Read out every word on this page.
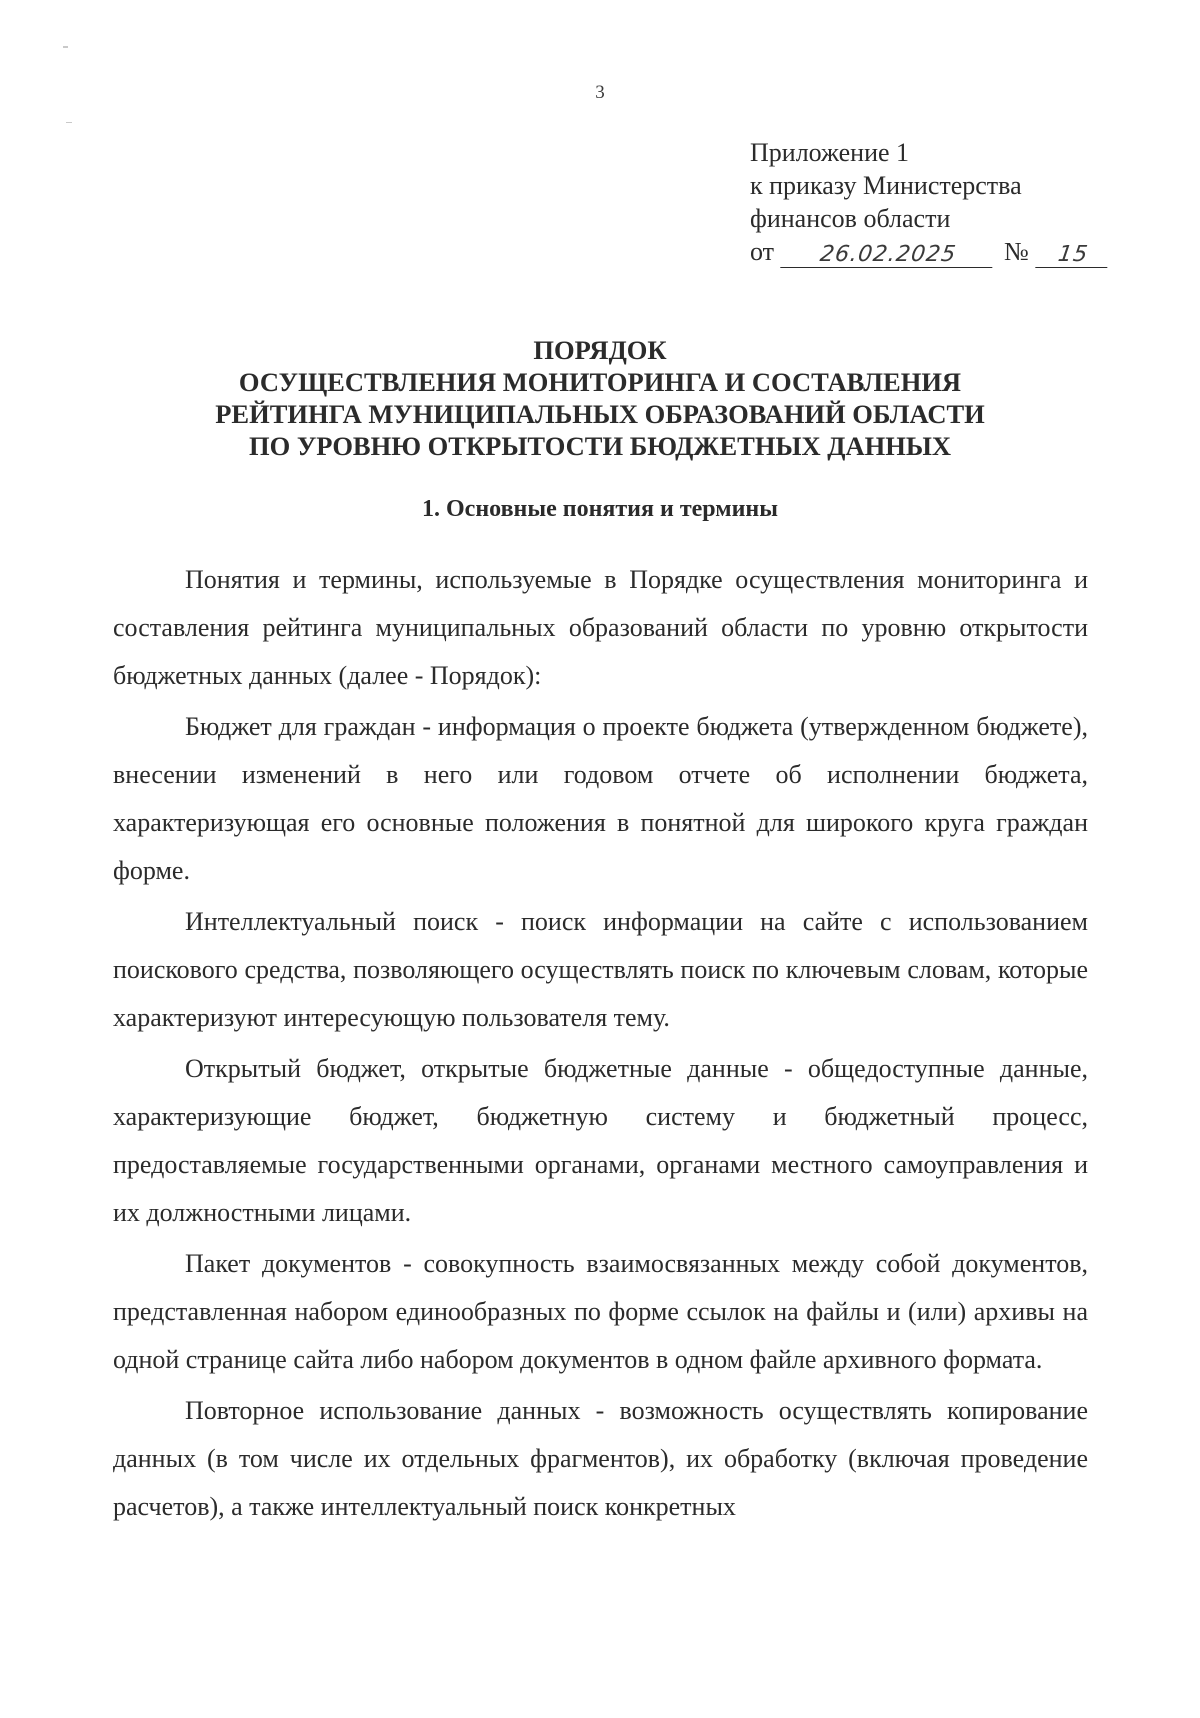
3
Приложение 1
к приказу Министерства
финансов области
от	26.02.2025	№	15
ПОРЯДОК
ОСУЩЕСТВЛЕНИЯ МОНИТОРИНГА И СОСТАВЛЕНИЯ
РЕЙТИНГА МУНИЦИПАЛЬНЫХ ОБРАЗОВАНИЙ ОБЛАСТИ
ПО УРОВНЮ ОТКРЫТОСТИ БЮДЖЕТНЫХ ДАННЫХ
1. Основные понятия и термины

Понятия и термины, используемые в Порядке осуществления мониторинга и составления рейтинга муниципальных образований области по уровню открытости бюджетных данных (далее - Порядок):

Бюджет для граждан - информация о проекте бюджета (утвержденном бюджете), внесении изменений в него или годовом отчете об исполнении бюджета, характеризующая его основные положения в понятной для широкого круга граждан форме.

Интеллектуальный поиск - поиск информации на сайте с использованием поискового средства, позволяющего осуществлять поиск по ключевым словам, которые характеризуют интересующую пользователя тему.

Открытый бюджет, открытые бюджетные данные - общедоступные данные, характеризующие бюджет, бюджетную систему и бюджетный процесс, предоставляемые государственными органами, органами местного самоуправления и их должностными лицами.

Пакет документов - совокупность взаимосвязанных между собой документов, представленная набором единообразных по форме ссылок на файлы и (или) архивы на одной странице сайта либо набором документов в одном файле архивного формата.

Повторное использование данных - возможность осуществлять копирование данных (в том числе их отдельных фрагментов), их обработку (включая проведение расчетов), а также интеллектуальный поиск конкретных
